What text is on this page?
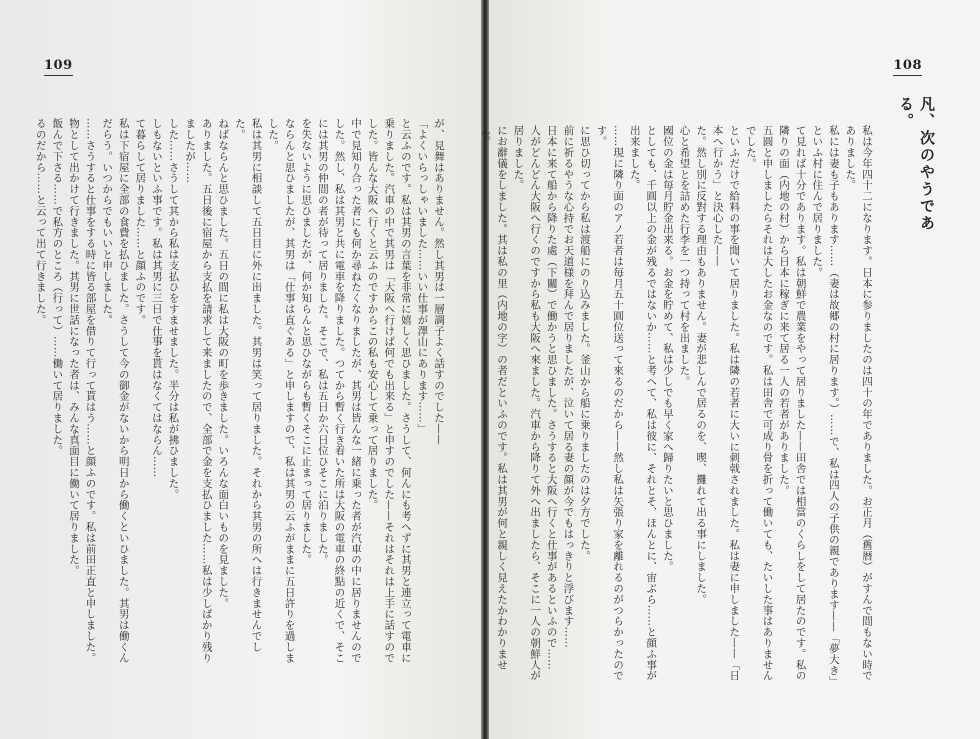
109

が、見舞はありません。然し其男は一層調子よく話すのでした——

「よくいらっしゃいました……いい仕事が澤山にあります……」

と云ふのです。私は其男の言葉を非常に嬉しく思ひました。さうして、何んにも考へずに其男と連立って電車に乗りました。汽車の中で其男は「大阪へ行けば何でも出来る」と申すのでした——それはそれは上手に話すのでした。皆んな大阪へ行くと云ふのですからこの私も安心して乗って居りました。

中で見知り合った者にも何か尋ねたくなりましたが、其男は皆んな一緒に乗った者が汽車の中に居りませんのでした。然し、私は其男と共に電車を降りました。つてから暫く行き着いた所は大阪の電車の終點の近くで、そこには其男の仲間の者が待って居りました。そこで、私は五日か六日位ひそこに泊りました。

を失ないように思ひましたが、何か知らんと思ひながらも暫くそこに止まって居りました。

ならんと思ひましたが、其男は「仕事は直ぐある」と申しますので、私は其男の云ふがままに五日許りを過しました。

私は其男に相談して五日目に外に出ました。其男は笑って居りました。それから其男の所へは行きませんでした。

ねばならんと思ひました。五日の間に私は大阪の町を歩きました。いろんな面白いものを見ました。

ありました。五日後に宿屋から支払を請求して来ましたので、全部で金を支払ひました……私は少しばかり残りましたが……

した……さうして其から私は支払ひをすませました。半分は私が拂ひました。

しもないといふ事です。私は其男に三日で仕事を貰はなくてはならん……

て暮らして居りました……と顔ふのです。

私は下宿屋に全部の食費を払ひました。さうして今の御金がないから明日から働くといひました。其男は働くんだらう。いつからでもいいと申しました。

……さうすると仕事をする時に皆る部屋を借りて行って貰はう……と顔ふのです。私は前田正直と申しました。

物として出かけて行きました。其男に世話になった者は、みんな真面目に働いて居りました。

飯んで下さる……で私方のところ（行って）……働いて居りました。

るのだから……と云って出て行きました。

108
凡、次のやうである。

私は今年四十二になります。日本に参りましたのは四十の年でありました。お正月（舊暦）がすんで間もない時でありました。

私には妻も子もあります……（妻は故郷の村に居ります。）……で、私は四人の子供の親であります——「夢大き」といふ村に住んで居りました。

て見れば十分であります。私は朝鮮で農業をやって居りました——田舎では相當のくらしをして居たのです。私の隣りの面（内地の村）から日本に稼ぎに来て居る一人の若者がありました。

五圓と申しましたらそれは大したお金なのです。私は田舎で可成り骨を折って働いても、たいした事はありませんでした。

といふだけで給料の事を聞いて居りました。私は隣の若者に大いに刺戟されました。私は妻に申しました——「日本へ行かう」と決心した——

た。然し別に反對する理由もありません。妻が悲しんで居るのを、喫、攤れて出る事にしました。

心と希望とを詰めた行李を一つ持って村を出ました。

國位の金は毎月貯金出来る。お金を貯めて、私は少しでも早く家へ歸りたいと思ひました。

としても、千圓以上の金が残るではないか……と考へて、私は彼に、それとそ、ほんとに、宙ぶら……と顔ふ事が出来ました。

……現に隣り面のアノ若者は毎月五十圓位送って來るのだから——然し私は矢張り家を離れるのがつらかったのです。

に思ひ切ってから私は渡船にのり込みました。釜山から船に乗りましたのは夕方でした。

前に祈るやうな心持でお天道様を拜んで居りましたが、泣いて居る妻の顔が今でもはっきりと浮びます……

日本に来て船から降りた處（下關）で働かうと思ひました。さうすると大阪へ行くと仕事があるといふので……

人がどんどん大阪へ行くのですから私も大阪へ來ました。汽車から降りて外へ出ましたら、そこに一人の朝鮮人が居りました。

にお辭儀をしました。其は私の里（内地の字）の者だといふのです。私は其男が何と親しく見えたかわかりません。
